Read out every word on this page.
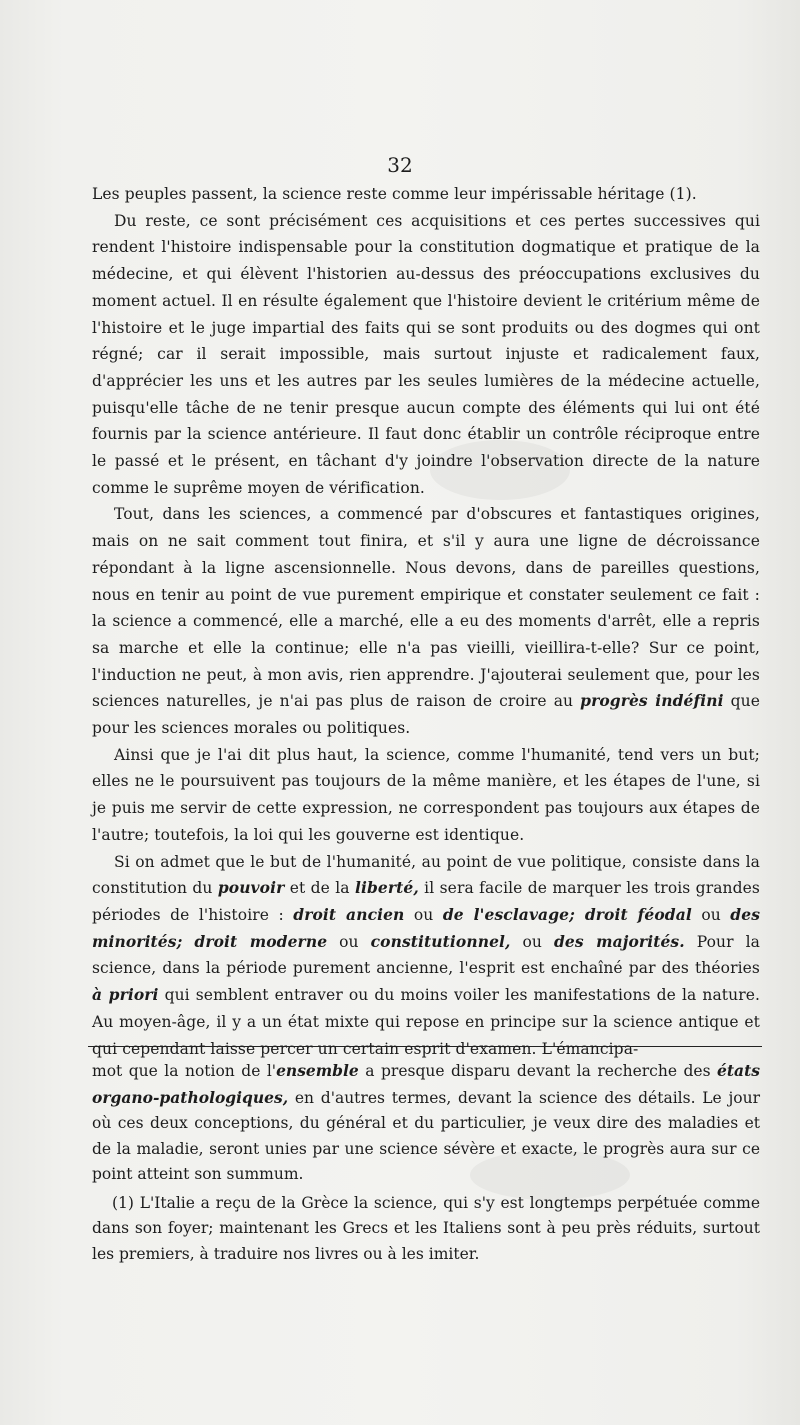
32

Les peuples passent, la science reste comme leur impérissable héritage (1).

Du reste, ce sont précisément ces acquisitions et ces pertes successives qui rendent l'histoire indispensable pour la constitution dogmatique et pratique de la médecine, et qui élèvent l'historien au-dessus des préoccupations exclusives du moment actuel. Il en résulte également que l'histoire devient le critérium même de l'histoire et le juge impartial des faits qui se sont produits ou des dogmes qui ont régné; car il serait impossible, mais surtout injuste et radicalement faux, d'apprécier les uns et les autres par les seules lumières de la médecine actuelle, puisqu'elle tâche de ne tenir presque aucun compte des éléments qui lui ont été fournis par la science antérieure. Il faut donc établir un contrôle réciproque entre le passé et le présent, en tâchant d'y joindre l'observation directe de la nature comme le suprême moyen de vérification.

Tout, dans les sciences, a commencé par d'obscures et fantastiques origines, mais on ne sait comment tout finira, et s'il y aura une ligne de décroissance répondant à la ligne ascensionnelle. Nous devons, dans de pareilles questions, nous en tenir au point de vue purement empirique et constater seulement ce fait : la science a commencé, elle a marché, elle a eu des moments d'arrêt, elle a repris sa marche et elle la continue; elle n'a pas vieilli, vieillira-t-elle? Sur ce point, l'induction ne peut, à mon avis, rien apprendre. J'ajouterai seulement que, pour les sciences naturelles, je n'ai pas plus de raison de croire au progrès indéfini que pour les sciences morales ou politiques.

Ainsi que je l'ai dit plus haut, la science, comme l'humanité, tend vers un but; elles ne le poursuivent pas toujours de la même manière, et les étapes de l'une, si je puis me servir de cette expression, ne correspondent pas toujours aux étapes de l'autre; toutefois, la loi qui les gouverne est identique.

Si on admet que le but de l'humanité, au point de vue politique, consiste dans la constitution du pouvoir et de la liberté, il sera facile de marquer les trois grandes périodes de l'histoire : droit ancien ou de l'esclavage; droit féodal ou des minorités; droit moderne ou constitutionnel, ou des majorités. Pour la science, dans la période purement ancienne, l'esprit est enchaîné par des théories à priori qui semblent entraver ou du moins voiler les manifestations de la nature. Au moyen-âge, il y a un état mixte qui repose en principe sur la science antique et qui cependant laisse percer un certain esprit d'examen. L'émancipa-

mot que la notion de l'ensemble a presque disparu devant la recherche des états organo-pathologiques, en d'autres termes, devant la science des détails. Le jour où ces deux conceptions, du général et du particulier, je veux dire des maladies et de la maladie, seront unies par une science sévère et exacte, le progrès aura sur ce point atteint son summum.

(1) L'Italie a reçu de la Grèce la science, qui s'y est longtemps perpétuée comme dans son foyer; maintenant les Grecs et les Italiens sont à peu près réduits, surtout les premiers, à traduire nos livres ou à les imiter.
